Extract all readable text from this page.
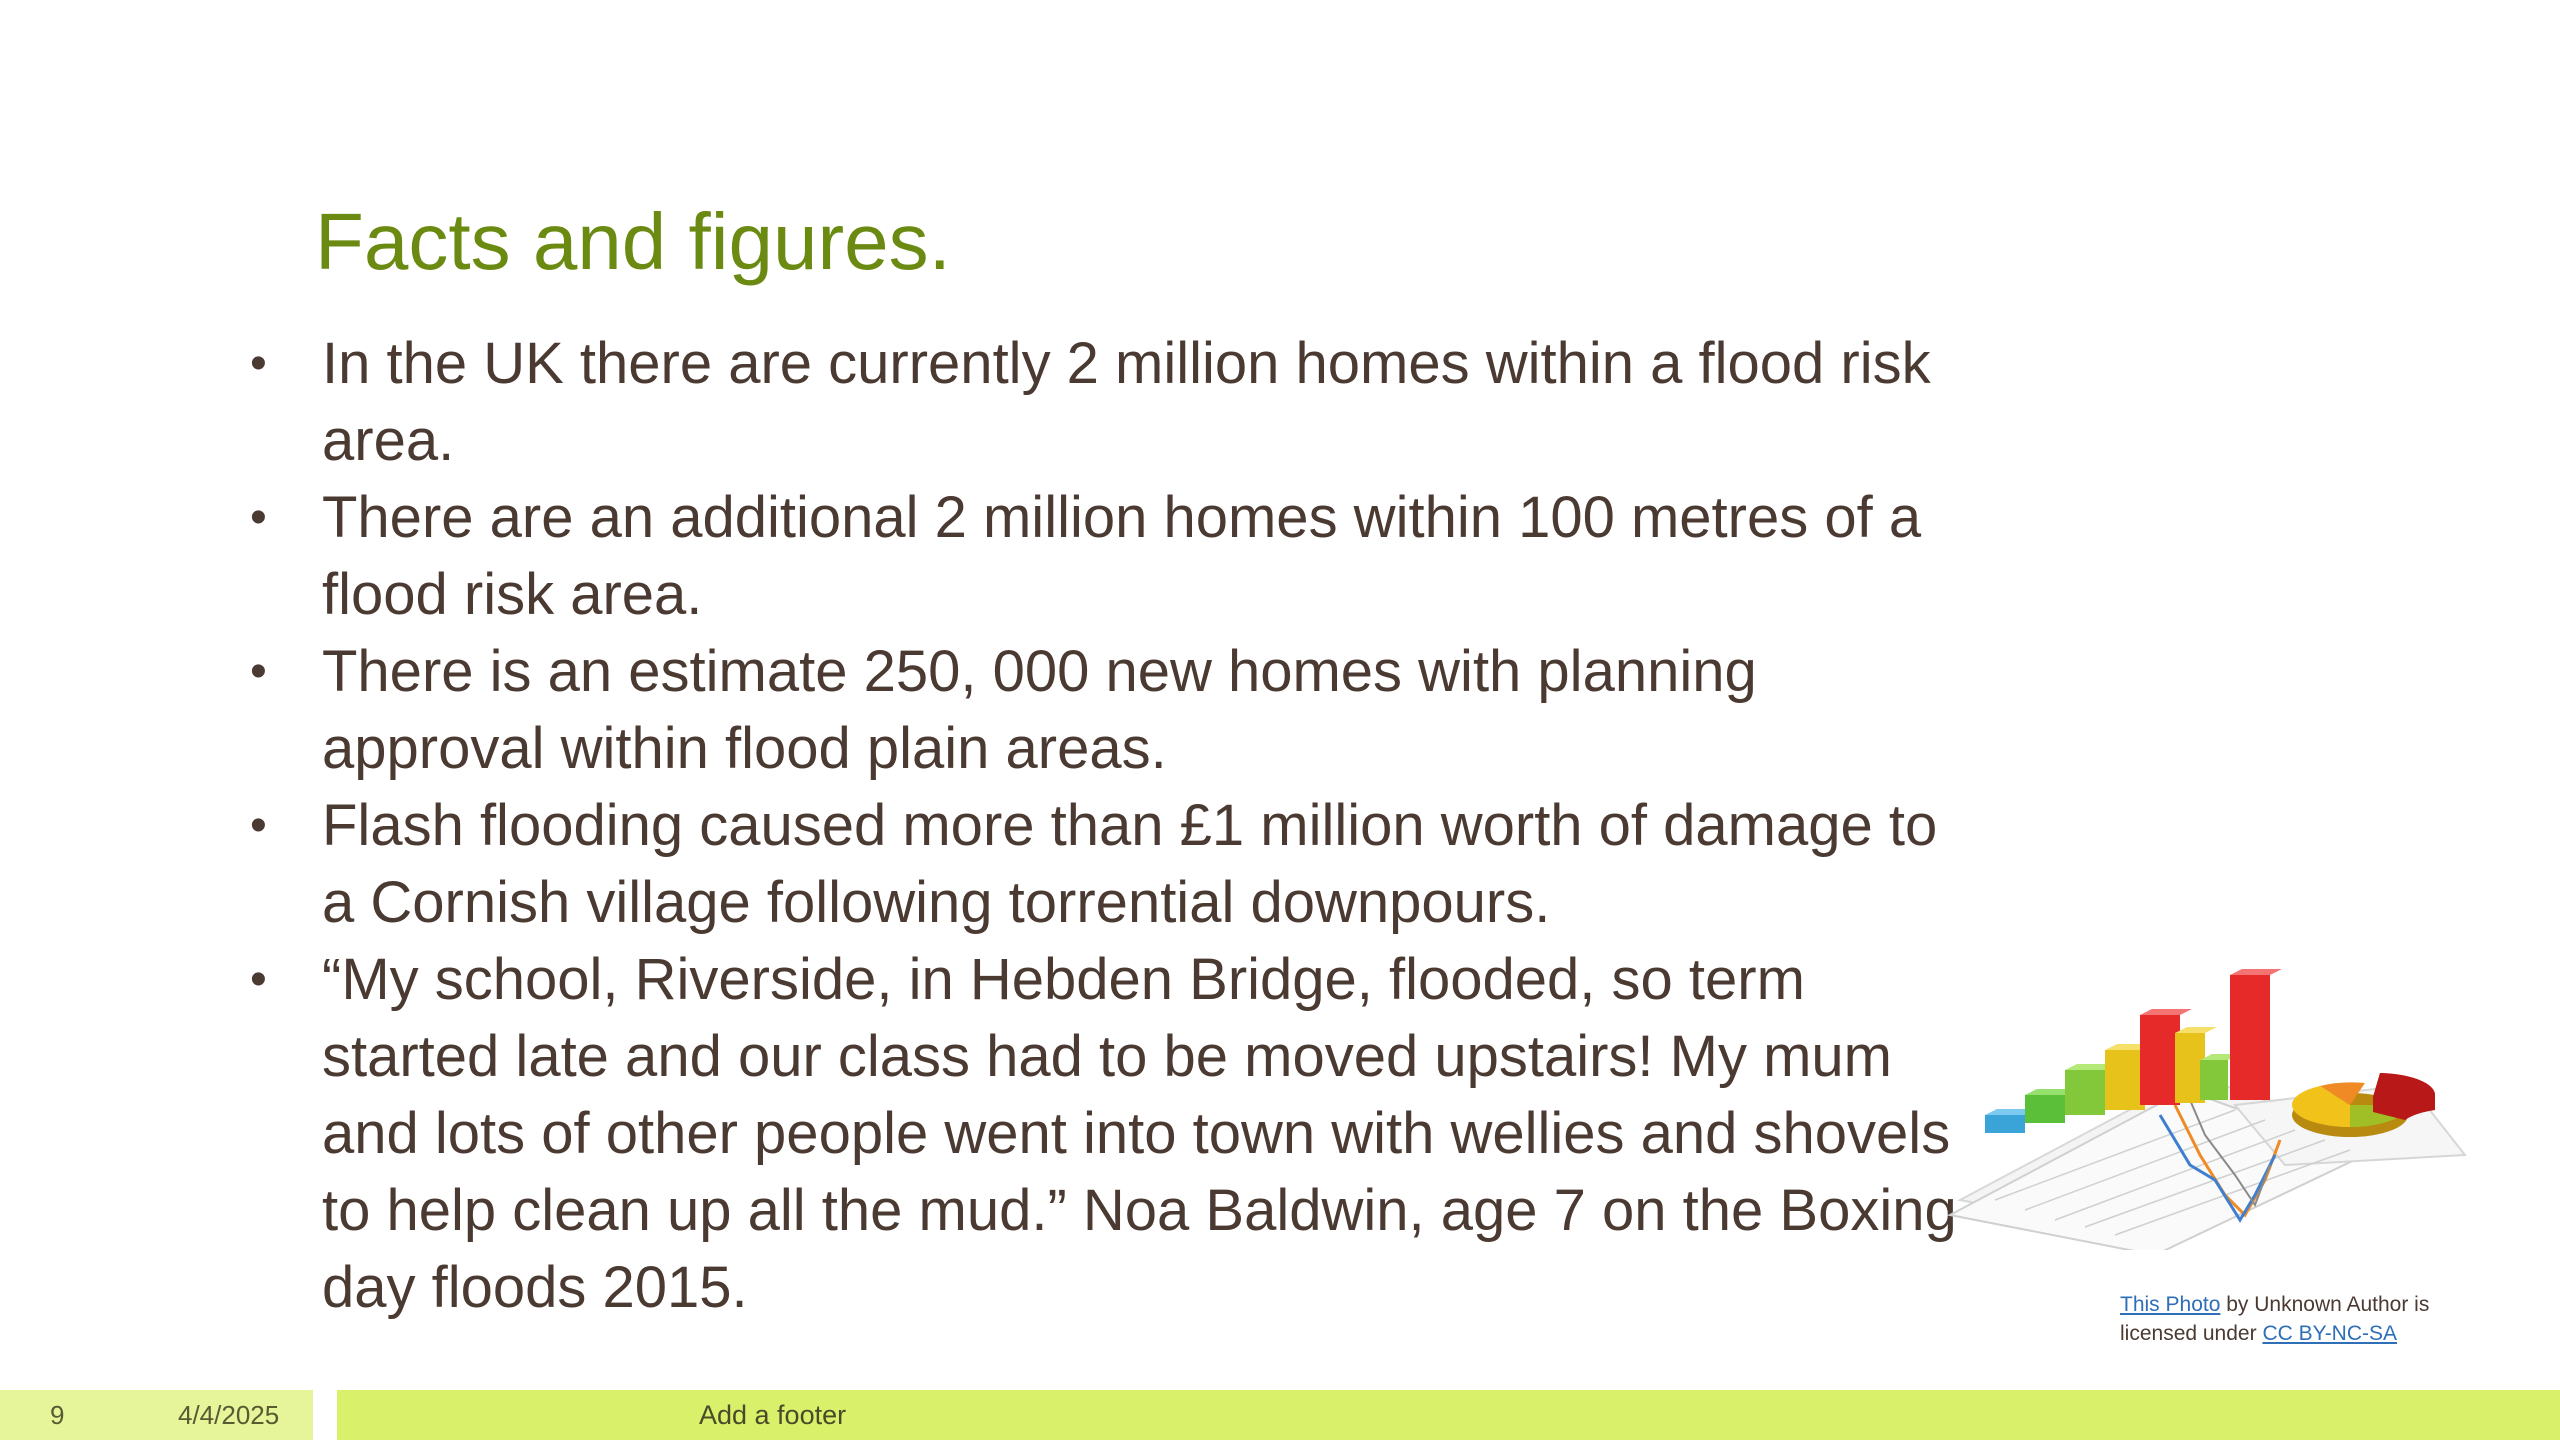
Facts and figures.
• In the UK there are currently 2 million homes within a flood risk area.
• There are an additional 2 million homes within 100 metres of a flood risk area.
• There is an estimate 250, 000 new homes with planning approval within flood plain areas.
• Flash flooding caused more than £1 million worth of damage to a Cornish village following torrential downpours.
• “My school, Riverside, in Hebden Bridge, flooded, so term started late and our class had to be moved upstairs! My mum and lots of other people went into town with wellies and shovels to help clean up all the mud.” Noa Baldwin, age 7 on the Boxing day floods 2015.	This Photo by Unknown Author is licensed under CC BY-NC-SA
9	4/4/2025	Add a footer
